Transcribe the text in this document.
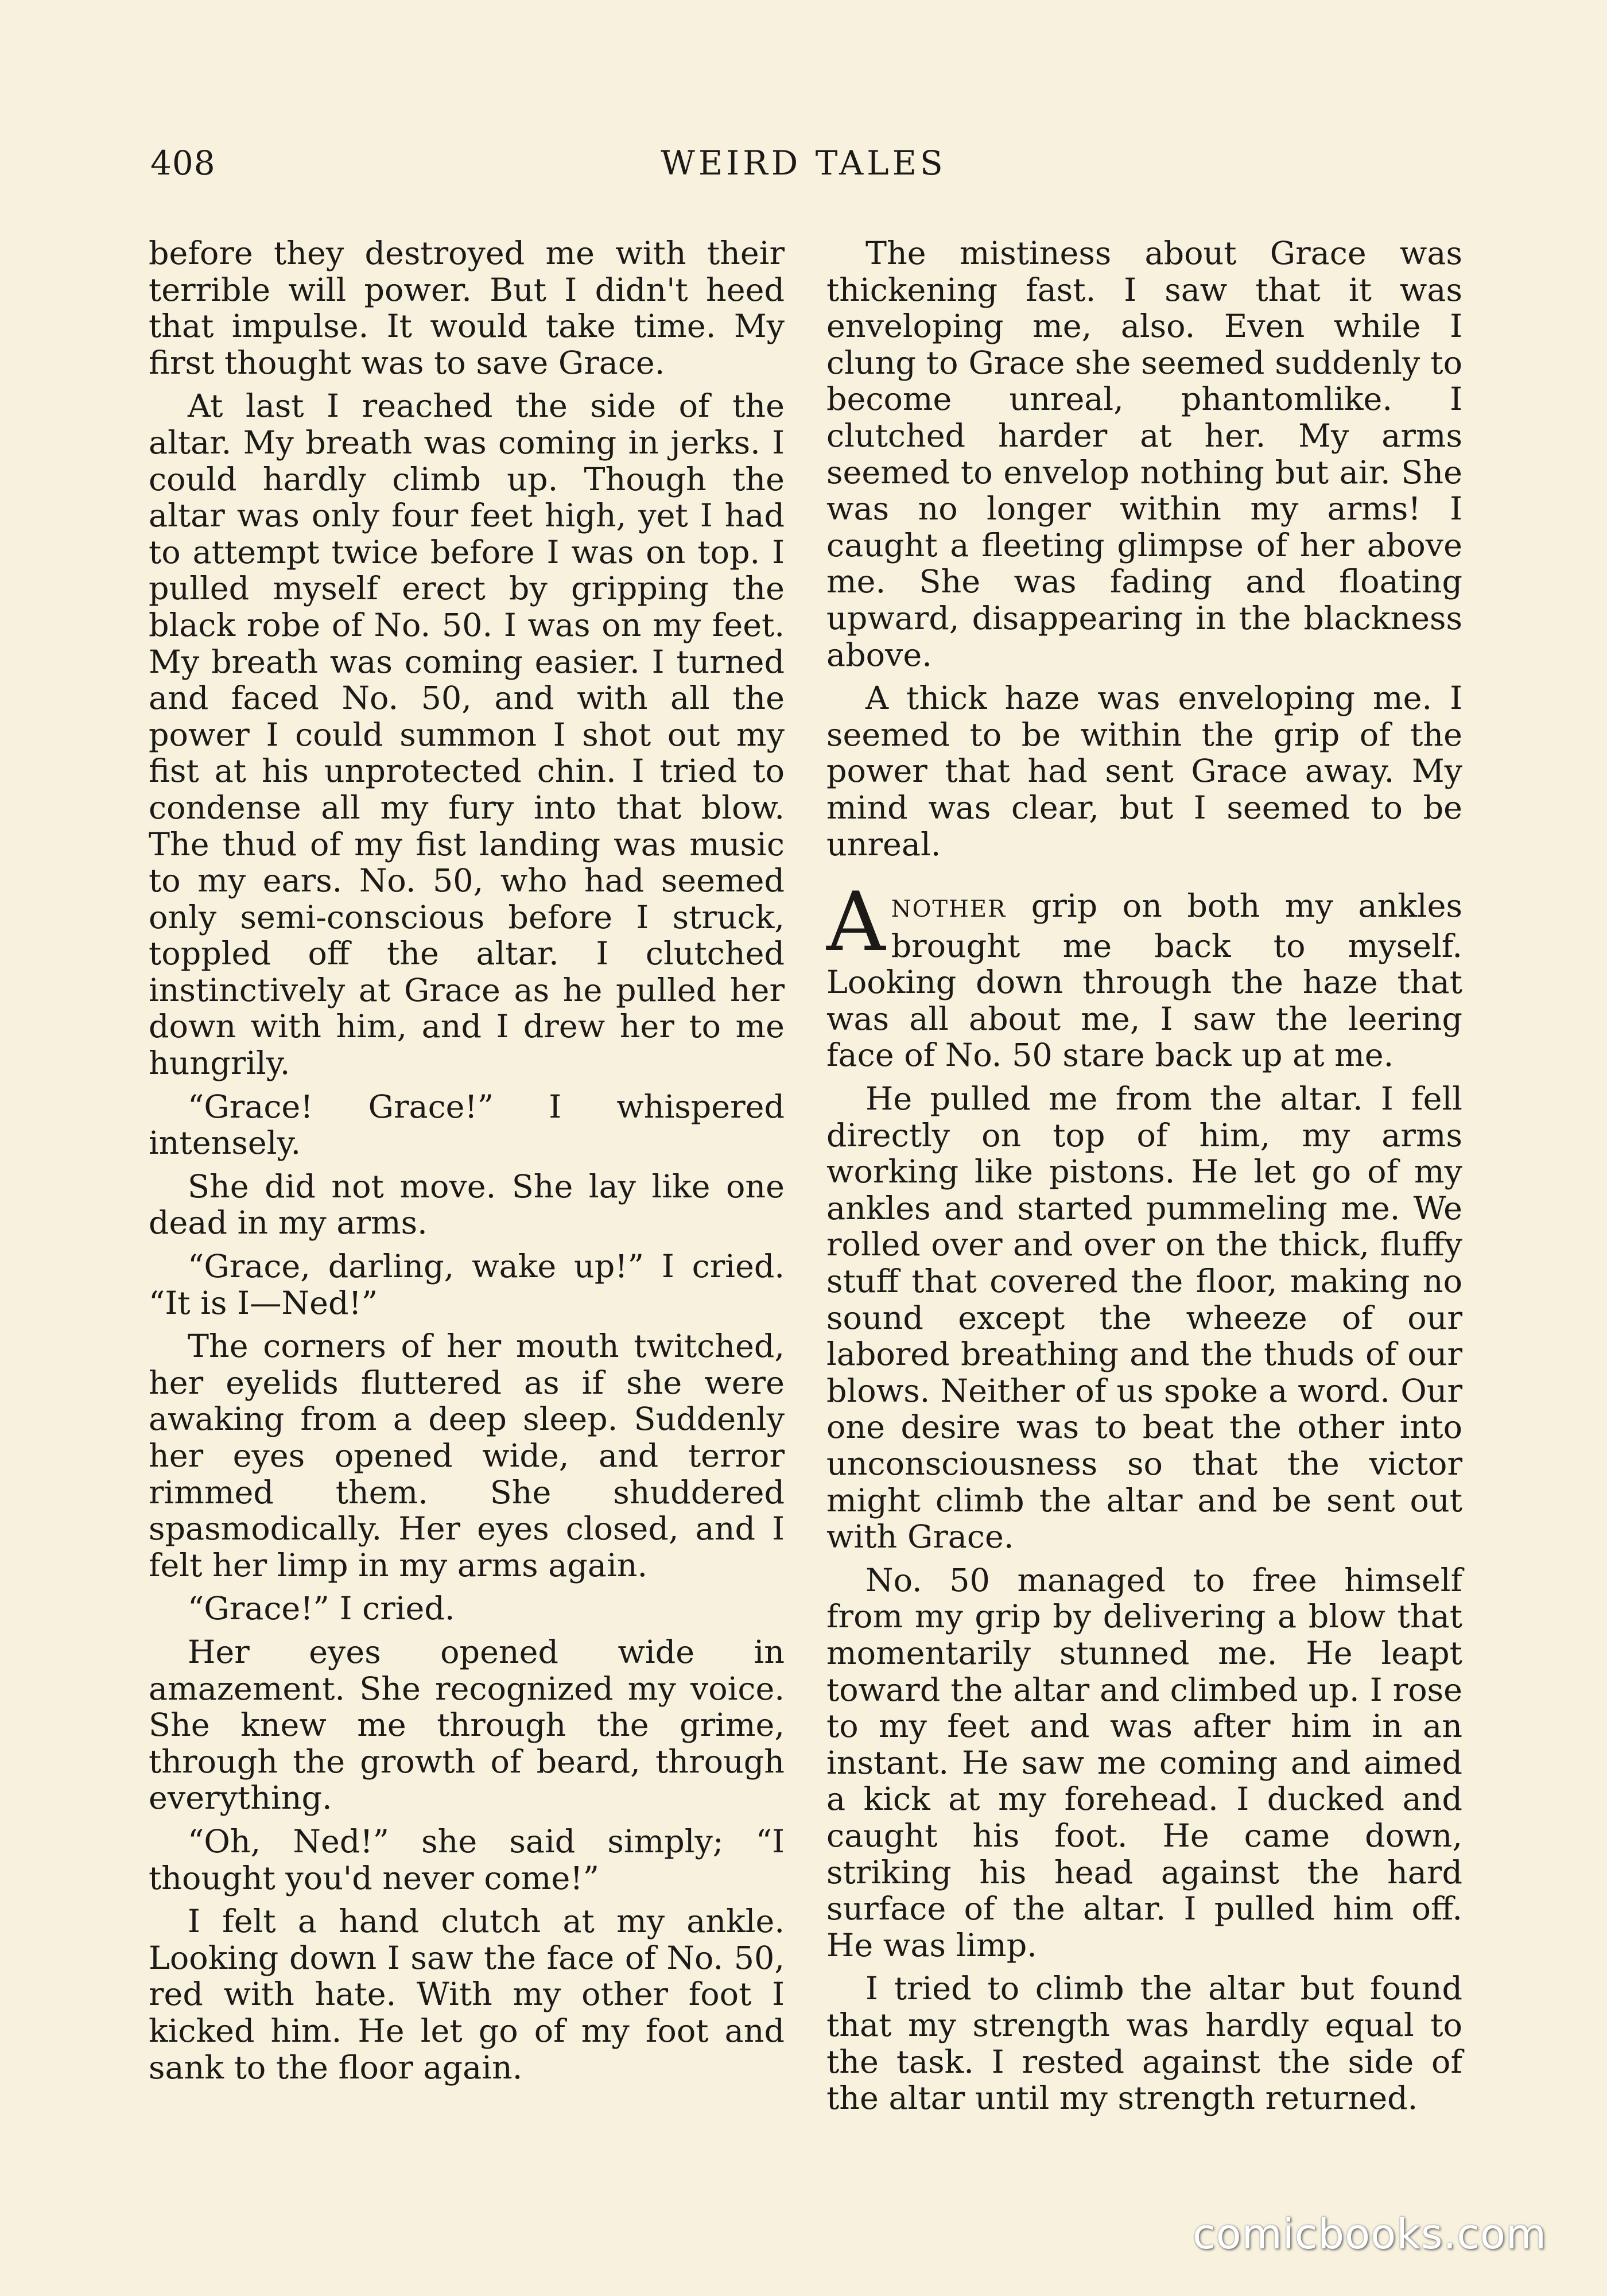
408	WEIRD TALES

before they destroyed me with their terrible will power. But I didn't heed that impulse. It would take time. My first thought was to save Grace.

At last I reached the side of the altar. My breath was coming in jerks. I could hardly climb up. Though the altar was only four feet high, yet I had to attempt twice before I was on top. I pulled myself erect by gripping the black robe of No. 50. I was on my feet. My breath was coming easier. I turned and faced No. 50, and with all the power I could summon I shot out my fist at his unprotected chin. I tried to condense all my fury into that blow. The thud of my fist landing was music to my ears. No. 50, who had seemed only semi-conscious before I struck, toppled off the altar. I clutched instinctively at Grace as he pulled her down with him, and I drew her to me hungrily.

“Grace! Grace!” I whispered intensely.

She did not move. She lay like one dead in my arms.

“Grace, darling, wake up!” I cried. “It is I—Ned!”

The corners of her mouth twitched, her eyelids fluttered as if she were awaking from a deep sleep. Suddenly her eyes opened wide, and terror rimmed them. She shuddered spasmodically. Her eyes closed, and I felt her limp in my arms again.

“Grace!” I cried.

Her eyes opened wide in amazement. She recognized my voice. She knew me through the grime, through the growth of beard, through everything.

“Oh, Ned!” she said simply; “I thought you'd never come!”

I felt a hand clutch at my ankle. Looking down I saw the face of No. 50, red with hate. With my other foot I kicked him. He let go of my foot and sank to the floor again.

The mistiness about Grace was thickening fast. I saw that it was enveloping me, also. Even while I clung to Grace she seemed suddenly to become unreal, phantomlike. I clutched harder at her. My arms seemed to envelop nothing but air. She was no longer within my arms! I caught a fleeting glimpse of her above me. She was fading and floating upward, disappearing in the blackness above.

A thick haze was enveloping me. I seemed to be within the grip of the power that had sent Grace away. My mind was clear, but I seemed to be unreal.

ANOTHER grip on both my ankles brought me back to myself. Looking down through the haze that was all about me, I saw the leering face of No. 50 stare back up at me.

He pulled me from the altar. I fell directly on top of him, my arms working like pistons. He let go of my ankles and started pummeling me. We rolled over and over on the thick, fluffy stuff that covered the floor, making no sound except the wheeze of our labored breathing and the thuds of our blows. Neither of us spoke a word. Our one desire was to beat the other into unconsciousness so that the victor might climb the altar and be sent out with Grace.

No. 50 managed to free himself from my grip by delivering a blow that momentarily stunned me. He leapt toward the altar and climbed up. I rose to my feet and was after him in an instant. He saw me coming and aimed a kick at my forehead. I ducked and caught his foot. He came down, striking his head against the hard surface of the altar. I pulled him off. He was limp.

I tried to climb the altar but found that my strength was hardly equal to the task. I rested against the side of the altar until my strength returned.

comicbooks.com
